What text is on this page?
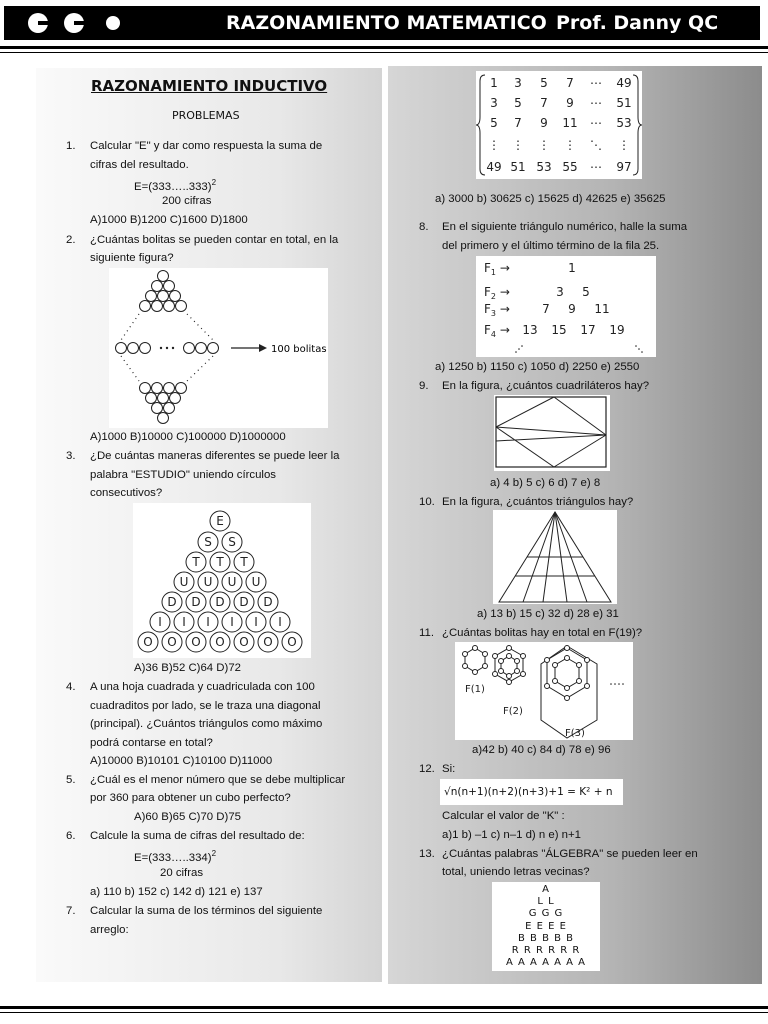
RAZONAMIENTO MATEMATICO Prof. Danny QC
RAZONAMIENTO INDUCTIVO
PROBLEMAS
1. Calcular "E" y dar como respuesta la suma de
cifras del resultado.
E=(333…..333)$^2$
200 cifras
A)1000 B)1200 C)1600 D)1800
2. ¿Cuántas bolitas se pueden contar en total, en la
siguiente figura?
100 bolitas
A)1000 B)10000 C)100000 D)1000000
3. ¿De cuántas maneras diferentes se puede leer la
palabra "ESTUDIO" uniendo círculos
consecutivos?
E
S S
T T T
U U U U
D D D D D
I I I I I I
O O O O O O O
A)36 B)52 C)64 D)72
4. A una hoja cuadrada y cuadriculada con 100
cuadraditos por lado, se le traza una diagonal
(principal). ¿Cuántos triángulos como máximo
podrá contarse en total?
A)10000 B)10101 C)10100 D)11000
5. ¿Cuál es el menor número que se debe multiplicar
por 360 para obtener un cubo perfecto?
A)60 B)65 C)70 D)75
6. Calcule la suma de cifras del resultado de:
E=(333…..334)$^2$
20 cifras
a) 110 b) 152 c) 142 d) 121 e) 137
7. Calcular la suma de los términos del siguiente
arreglo:
1 3 5 7 ⋯ 49
3 5 7 9 ⋯ 51
5 7 9 11 ⋯ 53
⋮ ⋮ ⋮ ⋮ ⋱ ⋮
49 51 53 55 ⋯ 97
a) 3000 b) 30625 c) 15625 d) 42625 e) 35625
8. En el siguiente triángulo numérico, halle la suma
del primero y el último término de la fila 25.
$F_1$ →
$F_2$ →
$F_3$ →
$F_4$ →
1
3 5
7 9 11
13 15 17 19
a) 1250 b) 1150 c) 1050 d) 2250 e) 2550
9. En la figura, ¿cuántos cuadriláteros hay?
a) 4 b) 5 c) 6 d) 7 e) 8
10. En la figura, ¿cuántos triángulos hay?
a) 13 b) 15 c) 32 d) 28 e) 31
11. ¿Cuántas bolitas hay en total en F(19)?
F(1)
F(2)
F(3)
a)42 b) 40 c) 84 d) 78 e) 96
12. Si:
√n(n+1)(n+2)(n+3)+1 = K² + n
Calcular el valor de "K" :
a)1 b) –1 c) n–1 d) n e) n+1
13. ¿Cuántas palabras "ÁLGEBRA" se pueden leer en
total, uniendo letras vecinas?
A
L L
G G G
E E E E
B B B B B
R R R R R R
A A A A A A A
